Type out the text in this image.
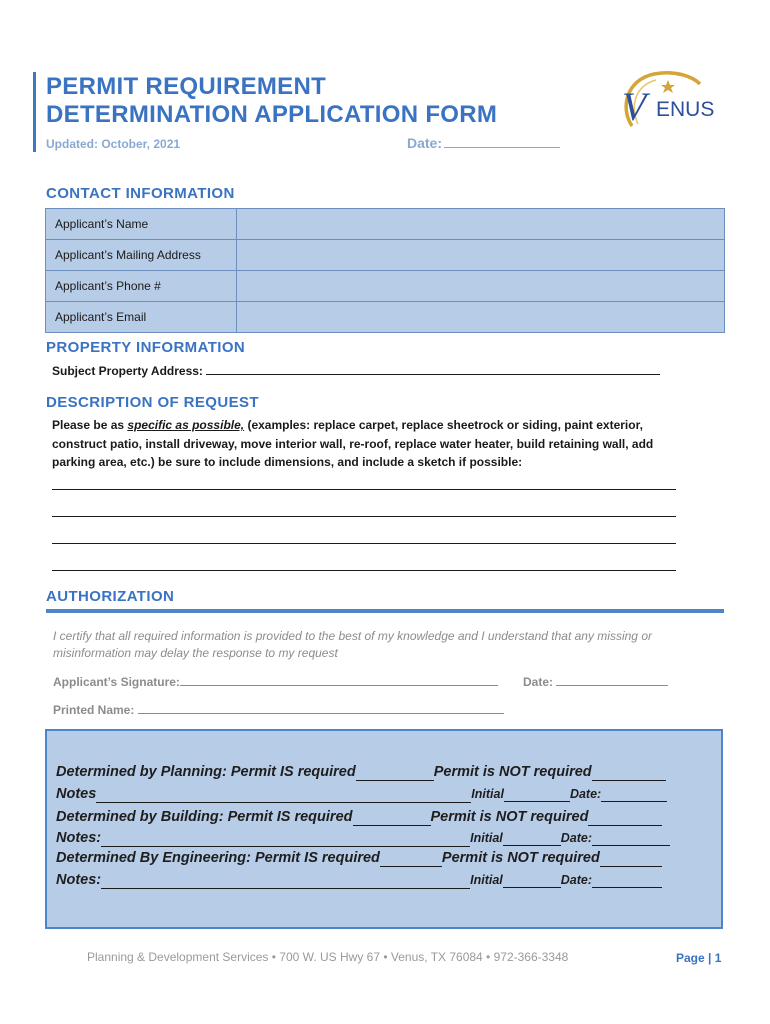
PERMIT REQUIREMENT
DETERMINATION APPLICATION FORM
Updated: October, 2021	Date:
V ENUS
CONTACT INFORMATION
Applicant’s Name	
Applicant’s Mailing Address	
Applicant’s Phone #	
Applicant’s Email	
PROPERTY INFORMATION
Subject Property Address:
DESCRIPTION OF REQUEST
Please be as specific as possible, (examples: replace carpet, replace sheetrock or siding, paint exterior, construct patio, install driveway, move interior wall, re-roof, replace water heater, build retaining wall, add parking area, etc.) be sure to include dimensions, and include a sketch if possible:
AUTHORIZATION
I certify that all required information is provided to the best of my knowledge and I understand that any missing or misinformation may delay the response to my request
Applicant’s Signature:	Date:
Printed Name:
Determined by Planning: Permit IS required	Permit is NOT required
Notes	Initial	Date:
Determined by Building: Permit IS required	Permit is NOT required
Notes:	Initial	Date:
Determined By Engineering: Permit IS required	Permit is NOT required
Notes:	Initial	Date:
Planning & Development Services • 700 W. US Hwy 67 • Venus, TX 76084 • 972-366-3348	Page | 1
